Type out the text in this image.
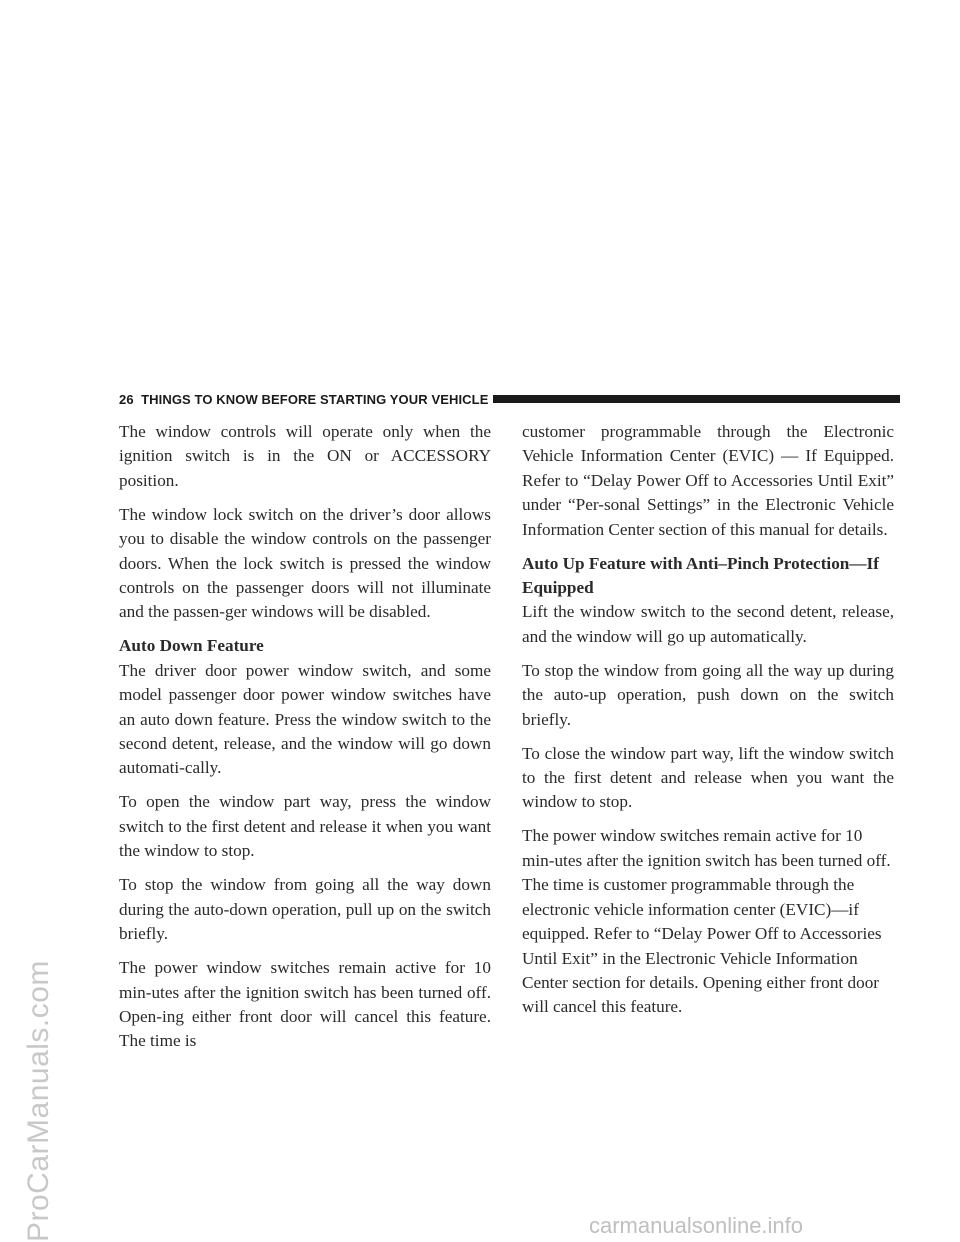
26 THINGS TO KNOW BEFORE STARTING YOUR VEHICLE

The window controls will operate only when the ignition switch is in the ON or ACCESSORY position.

The window lock switch on the driver’s door allows you to disable the window controls on the passenger doors. When the lock switch is pressed the window controls on the passenger doors will not illuminate and the passen-ger windows will be disabled.

Auto Down Feature

The driver door power window switch, and some model passenger door power window switches have an auto down feature. Press the window switch to the second detent, release, and the window will go down automati-cally.

To open the window part way, press the window switch to the first detent and release it when you want the window to stop.

To stop the window from going all the way down during the auto-down operation, pull up on the switch briefly.

The power window switches remain active for 10 min-utes after the ignition switch has been turned off. Open-ing either front door will cancel this feature. The time is

customer programmable through the Electronic Vehicle Information Center (EVIC) — If Equipped. Refer to “Delay Power Off to Accessories Until Exit” under “Per-sonal Settings” in the Electronic Vehicle Information Center section of this manual for details.

Auto Up Feature with Anti–Pinch Protection—If Equipped

Lift the window switch to the second detent, release, and the window will go up automatically.

To stop the window from going all the way up during the auto-up operation, push down on the switch briefly.

To close the window part way, lift the window switch to the first detent and release when you want the window to stop.

The power window switches remain active for 10 min-utes after the ignition switch has been turned off. The time is customer programmable through the electronic vehicle information center (EVIC)—if equipped. Refer to “Delay Power Off to Accessories Until Exit” in the Electronic Vehicle Information Center section for details. Opening either front door will cancel this feature.

ProCarManuals.com	carmanualsonline.info
